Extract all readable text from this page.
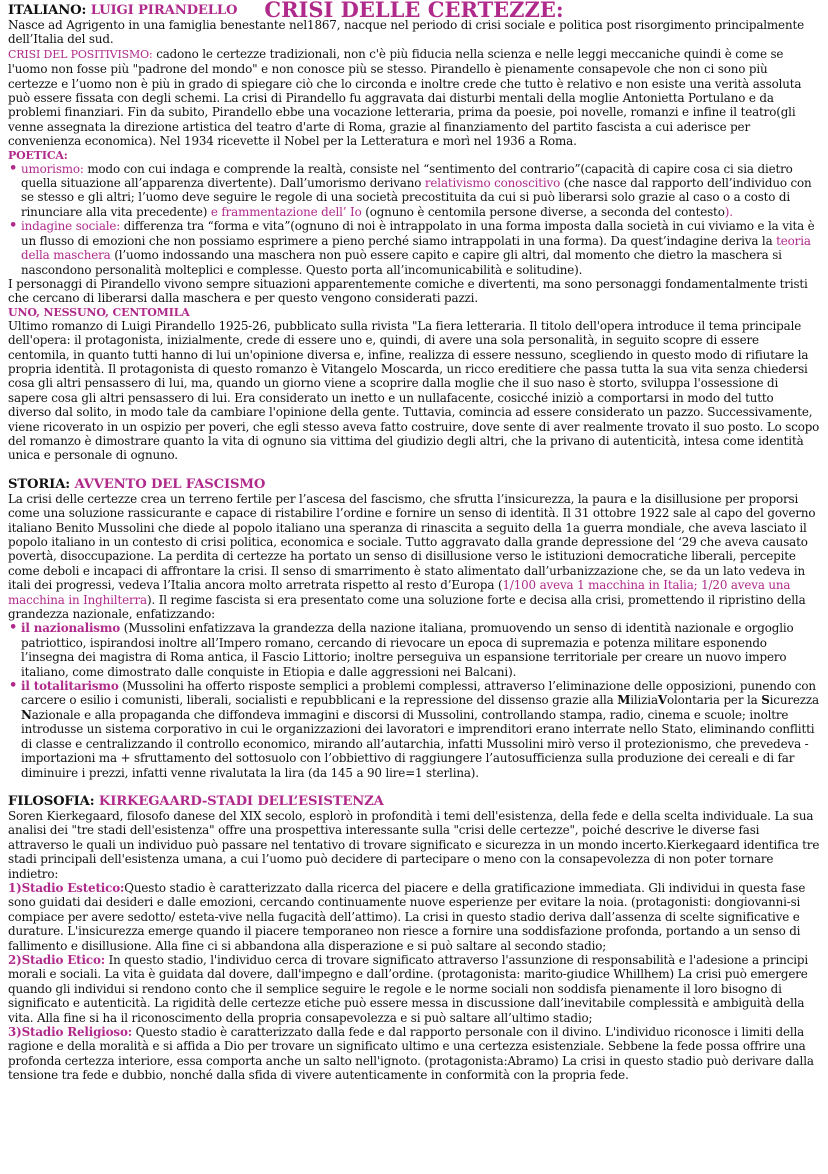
CRISI DELLE CERTEZZE:

ITALIANO: LUIGI PIRANDELLO

Nasce ad Agrigento in una famiglia benestante nel1867, nacque nel periodo di crisi sociale e politica post risorgimento principalmente dell’Italia del sud.

CRISI DEL POSITIVISMO: cadono le certezze tradizionali, non c'è più fiducia nella scienza e nelle leggi meccaniche quindi è come se l'uomo non fosse più "padrone del mondo" e non conosce più se stesso. Pirandello è pienamente consapevole che non ci sono più certezze e l’uomo non è più in grado di spiegare ciò che lo circonda e inoltre crede che tutto è relativo e non esiste una verità assoluta può essere fissata con degli schemi. La crisi di Pirandello fu aggravata dai disturbi mentali della moglie Antonietta Portulano e da problemi finanziari. Fin da subito, Pirandello ebbe una vocazione letteraria, prima da poesie, poi novelle, romanzi e infine il teatro(gli venne assegnata la direzione artistica del teatro d'arte di Roma, grazie al finanziamento del partito fascista a cui aderisce per convenienza economica). Nel 1934 ricevette il Nobel per la Letteratura e morì nel 1936 a Roma.

POETICA:

• umorismo: modo con cui indaga e comprende la realtà, consiste nel “sentimento del contrario”(capacità di capire cosa ci sia dietro quella situazione all’apparenza divertente). Dall’umorismo derivano relativismo conoscitivo (che nasce dal rapporto dell’individuo con se stesso e gli altri; l’uomo deve seguire le regole di una società precostituita da cui si può liberarsi solo grazie al caso o a costo di rinunciare alla vita precedente) e frammentazione dell’ Io (ognuno è centomila persone diverse, a seconda del contesto).
• indagine sociale: differenza tra “forma e vita”(ognuno di noi è intrappolato in una forma imposta dalla società in cui viviamo e la vita è un flusso di emozioni che non possiamo esprimere a pieno perché siamo intrappolati in una forma). Da quest’indagine deriva la teoria della maschera (l’uomo indossando una maschera non può essere capito e capire gli altri, dal momento che dietro la maschera si nascondono personalità molteplici e complesse. Questo porta all’incomunicabilità e solitudine).

I personaggi di Pirandello vivono sempre situazioni apparentemente comiche e divertenti, ma sono personaggi fondamentalmente tristi che cercano di liberarsi dalla maschera e per questo vengono considerati pazzi.

UNO, NESSUNO, CENTOMILA

Ultimo romanzo di Luigi Pirandello 1925-26, pubblicato sulla rivista "La fiera letteraria. Il titolo dell'opera introduce il tema principale dell'opera: il protagonista, inizialmente, crede di essere uno e, quindi, di avere una sola personalità, in seguito scopre di essere centomila, in quanto tutti hanno di lui un'opinione diversa e, infine, realizza di essere nessuno, scegliendo in questo modo di rifiutare la propria identità. Il protagonista di questo romanzo è Vitangelo Moscarda, un ricco ereditiere che passa tutta la sua vita senza chiedersi cosa gli altri pensassero di lui, ma, quando un giorno viene a scoprire dalla moglie che il suo naso è storto, sviluppa l'ossessione di sapere cosa gli altri pensassero di lui. Era considerato un inetto e un nullafacente, cosicché iniziò a comportarsi in modo del tutto diverso dal solito, in modo tale da cambiare l'opinione della gente. Tuttavia, comincia ad essere considerato un pazzo. Successivamente, viene ricoverato in un ospizio per poveri, che egli stesso aveva fatto costruire, dove sente di aver realmente trovato il suo posto. Lo scopo del romanzo è dimostrare quanto la vita di ognuno sia vittima del giudizio degli altri, che la privano di autenticità, intesa come identità unica e personale di ognuno.

STORIA: AVVENTO DEL FASCISMO

La crisi delle certezze crea un terreno fertile per l’ascesa del fascismo, che sfrutta l’insicurezza, la paura e la disillusione per proporsi come una soluzione rassicurante e capace di ristabilire l’ordine e fornire un senso di identità. Il 31 ottobre 1922 sale al capo del governo italiano Benito Mussolini che diede al popolo italiano una speranza di rinascita a seguito della 1a guerra mondiale, che aveva lasciato il popolo italiano in un contesto di crisi politica, economica e sociale. Tutto aggravato dalla grande depressione del ‘29 che aveva causato povertà, disoccupazione. La perdita di certezze ha portato un senso di disillusione verso le istituzioni democratiche liberali, percepite come deboli e incapaci di affrontare la crisi. Il senso di smarrimento è stato alimentato dall’urbanizzazione che, se da un lato vedeva in itali dei progressi, vedeva l’Italia ancora molto arretrata rispetto al resto d’Europa (1/100 aveva 1 macchina in Italia; 1/20 aveva una macchina in Inghilterra). Il regime fascista si era presentato come una soluzione forte e decisa alla crisi, promettendo il ripristino della grandezza nazionale, enfatizzando:

• il nazionalismo (Mussolini enfatizzava la grandezza della nazione italiana, promuovendo un senso di identità nazionale e orgoglio patriottico, ispirandosi inoltre all’Impero romano, cercando di rievocare un epoca di supremazia e potenza militare esponendo l’insegna dei magistra di Roma antica, il Fascio Littorio; inoltre perseguiva un espansione territoriale per creare un nuovo impero italiano, come dimostrato dalle conquiste in Etiopia e dalle aggressioni nei Balcani).
• il totalitarismo (Mussolini ha offerto risposte semplici a problemi complessi, attraverso l’eliminazione delle opposizioni, punendo con carcere o esilio i comunisti, liberali, socialisti e repubblicani e la repressione del dissenso grazie alla MiliziaVolontaria per la Sicurezza Nazionale e alla propaganda che diffondeva immagini e discorsi di Mussolini, controllando stampa, radio, cinema e scuole; inoltre introdusse un sistema corporativo in cui le organizzazioni dei lavoratori e imprenditori erano interrate nello Stato, eliminando conflitti di classe e centralizzando il controllo economico, mirando all’autarchia, infatti Mussolini mirò verso il protezionismo, che prevedeva - importazioni ma + sfruttamento del sottosuolo con l’obbiettivo di raggiungere l’autosufficienza sulla produzione dei cereali e di far diminuire i prezzi, infatti venne rivalutata la lira (da 145 a 90 lire=1 sterlina).

FILOSOFIA: KIRKEGAARD-STADI DELL’ESISTENZA

Soren Kierkegaard, filosofo danese del XIX secolo, esplorò in profondità i temi dell'esistenza, della fede e della scelta individuale. La sua analisi dei "tre stadi dell'esistenza" offre una prospettiva interessante sulla "crisi delle certezze", poiché descrive le diverse fasi attraverso le quali un individuo può passare nel tentativo di trovare significato e sicurezza in un mondo incerto.Kierkegaard identifica tre stadi principali dell'esistenza umana, a cui l’uomo può decidere di partecipare o meno con la consapevolezza di non poter tornare indietro:

1)Stadio Estetico:Questo stadio è caratterizzato dalla ricerca del piacere e della gratificazione immediata. Gli individui in questa fase sono guidati dai desideri e dalle emozioni, cercando continuamente nuove esperienze per evitare la noia. (protagonisti: dongiovanni-si compiace per avere sedotto/ esteta-vive nella fugacità dell’attimo). La crisi in questo stadio deriva dall’assenza di scelte significative e durature. L'insicurezza emerge quando il piacere temporaneo non riesce a fornire una soddisfazione profonda, portando a un senso di fallimento e disillusione. Alla fine ci si abbandona alla disperazione e si può saltare al secondo stadio;

2)Stadio Etico: In questo stadio, l'individuo cerca di trovare significato attraverso l'assunzione di responsabilità e l'adesione a principi morali e sociali. La vita è guidata dal dovere, dall'impegno e dall’ordine. (protagonista: marito-giudice Whillhem) La crisi può emergere quando gli individui si rendono conto che il semplice seguire le regole e le norme sociali non soddisfa pienamente il loro bisogno di significato e autenticità. La rigidità delle certezze etiche può essere messa in discussione dall’inevitabile complessità e ambiguità della vita. Alla fine si ha il riconoscimento della propria consapevolezza e si può saltare all’ultimo stadio;

3)Stadio Religioso: Questo stadio è caratterizzato dalla fede e dal rapporto personale con il divino. L'individuo riconosce i limiti della ragione e della moralità e si affida a Dio per trovare un significato ultimo e una certezza esistenziale. Sebbene la fede possa offrire una profonda certezza interiore, essa comporta anche un salto nell'ignoto. (protagonista:Abramo) La crisi in questo stadio può derivare dalla tensione tra fede e dubbio, nonché dalla sfida di vivere autenticamente in conformità con la propria fede.
